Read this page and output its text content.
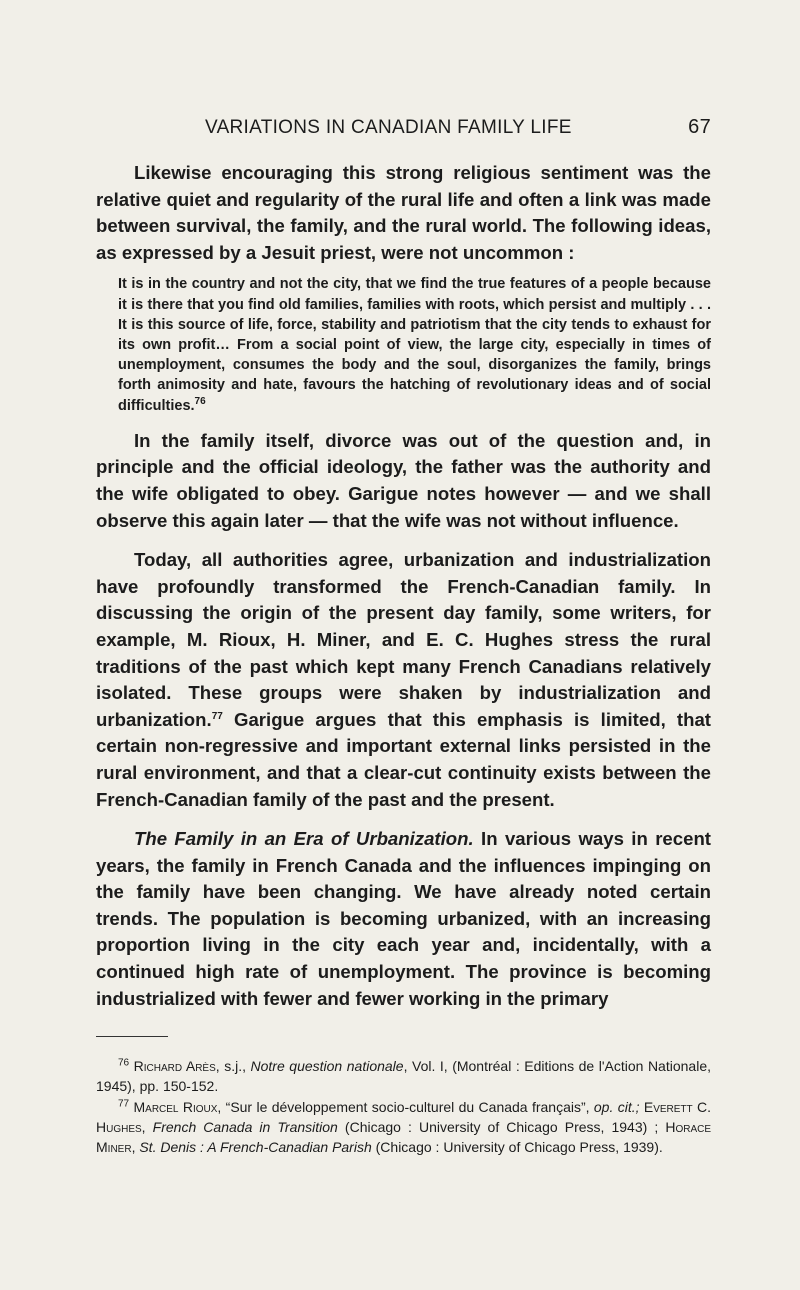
VARIATIONS IN CANADIAN FAMILY LIFE	67

Likewise encouraging this strong religious sentiment was the relative quiet and regularity of the rural life and often a link was made between survival, the family, and the rural world. The following ideas, as expressed by a Jesuit priest, were not uncommon :

It is in the country and not the city, that we find the true features of a people because it is there that you find old families, families with roots, which persist and multiply . . . It is this source of life, force, stability and patriotism that the city tends to exhaust for its own profit… From a social point of view, the large city, especially in times of unemployment, consumes the body and the soul, disorganizes the family, brings forth animosity and hate, favours the hatching of revolutionary ideas and of social difficulties.$^{76}$

In the family itself, divorce was out of the question and, in principle and the official ideology, the father was the authority and the wife obligated to obey. Garigue notes however — and we shall observe this again later — that the wife was not without influence.

Today, all authorities agree, urbanization and industrialization have profoundly transformed the French-Canadian family. In discussing the origin of the present day family, some writers, for example, M. Rioux, H. Miner, and E. C. Hughes stress the rural traditions of the past which kept many French Canadians relatively isolated. These groups were shaken by industrialization and urbanization.$^{77}$ Garigue argues that this emphasis is limited, that certain non-regressive and important external links persisted in the rural environment, and that a clear-cut continuity exists between the French-Canadian family of the past and the present.

The Family in an Era of Urbanization. In various ways in recent years, the family in French Canada and the influences impinging on the family have been changing. We have already noted certain trends. The population is becoming urbanized, with an increasing proportion living in the city each year and, incidentally, with a continued high rate of unemployment. The province is becoming industrialized with fewer and fewer working in the primary

$^{76}$ Richard Arès, s.j., Notre question nationale, Vol. I, (Montréal : Editions de l'Action Nationale, 1945), pp. 150-152.

$^{77}$ Marcel Rioux, “Sur le développement socio-culturel du Canada français”, op. cit.; Everett C. Hughes, French Canada in Transition (Chicago : University of Chicago Press, 1943) ; Horace Miner, St. Denis : A French-Canadian Parish (Chicago : University of Chicago Press, 1939).
